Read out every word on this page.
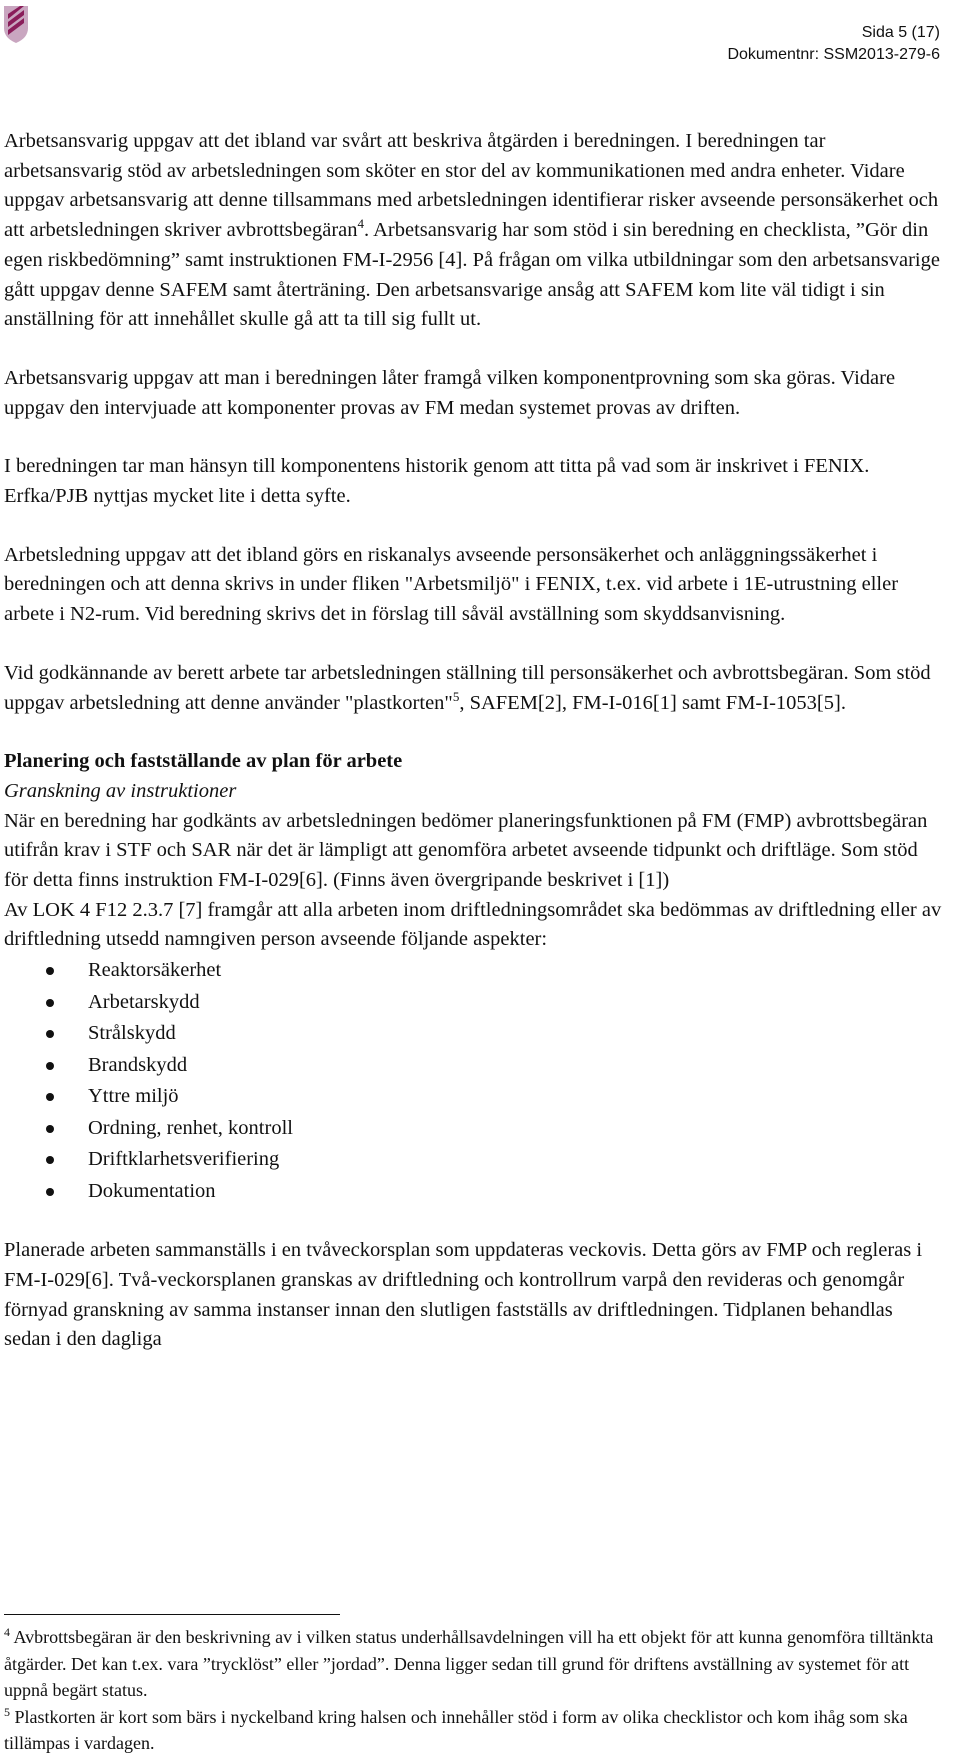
Sida 5 (17)
Dokumentnr: SSM2013-279-6

Arbetsansvarig uppgav att det ibland var svårt att beskriva åtgärden i beredningen. I beredningen tar arbetsansvarig stöd av arbetsledningen som sköter en stor del av kommunikationen med andra enheter. Vidare uppgav arbetsansvarig att denne tillsammans med arbetsledningen identifierar risker avseende personsäkerhet och att arbetsledningen skriver avbrottsbegäran$^4$. Arbetsansvarig har som stöd i sin beredning en checklista, ”Gör din egen riskbedömning” samt instruktionen FM-I-2956 [4]. På frågan om vilka utbildningar som den arbetsansvarige gått uppgav denne SAFEM samt återträning. Den arbetsansvarige ansåg att SAFEM kom lite väl tidigt i sin anställning för att innehållet skulle gå att ta till sig fullt ut.

Arbetsansvarig uppgav att man i beredningen låter framgå vilken komponentprovning som ska göras. Vidare uppgav den intervjuade att komponenter provas av FM medan systemet provas av driften.

I beredningen tar man hänsyn till komponentens historik genom att titta på vad som är inskrivet i FENIX. Erfka/PJB nyttjas mycket lite i detta syfte.

Arbetsledning uppgav att det ibland görs en riskanalys avseende personsäkerhet och anläggningssäkerhet i beredningen och att denna skrivs in under fliken "Arbetsmiljö" i FENIX, t.ex. vid arbete i 1E-utrustning eller arbete i N2-rum. Vid beredning skrivs det in förslag till såväl avställning som skyddsanvisning.

Vid godkännande av berett arbete tar arbetsledningen ställning till personsäkerhet och avbrottsbegäran. Som stöd uppgav arbetsledning att denne använder "plastkorten"$^5$, SAFEM[2], FM-I-016[1] samt FM-I-1053[5].

Planering och fastställande av plan för arbete

Granskning av instruktioner

När en beredning har godkänts av arbetsledningen bedömer planeringsfunktionen på FM (FMP) avbrottsbegäran utifrån krav i STF och SAR när det är lämpligt att genomföra arbetet avseende tidpunkt och driftläge. Som stöd för detta finns instruktion FM-I-029[6]. (Finns även övergripande beskrivet i [1])

Av LOK 4 F12 2.3.7 [7] framgår att alla arbeten inom driftledningsområdet ska bedömmas av driftledning eller av driftledning utsedd namngiven person avseende följande aspekter:

Reaktorsäkerhet
Arbetarskydd
Strålskydd
Brandskydd
Yttre miljö
Ordning, renhet, kontroll
Driftklarhetsverifiering
Dokumentation

Planerade arbeten sammanställs i en tvåveckorsplan som uppdateras veckovis. Detta görs av FMP och regleras i FM-I-029[6]. Två-veckorsplanen granskas av driftledning och kontrollrum varpå den revideras och genomgår förnyad granskning av samma instanser innan den slutligen fastställs av driftledningen. Tidplanen behandlas sedan i den dagliga

$^4$ Avbrottsbegäran är den beskrivning av i vilken status underhållsavdelningen vill ha ett objekt för att kunna genomföra tilltänkta åtgärder. Det kan t.ex. vara ”trycklöst” eller ”jordad”. Denna ligger sedan till grund för driftens avställning av systemet för att uppnå begärt status.

$^5$ Plastkorten är kort som bärs i nyckelband kring halsen och innehåller stöd i form av olika checklistor och kom ihåg som ska tillämpas i vardagen.
